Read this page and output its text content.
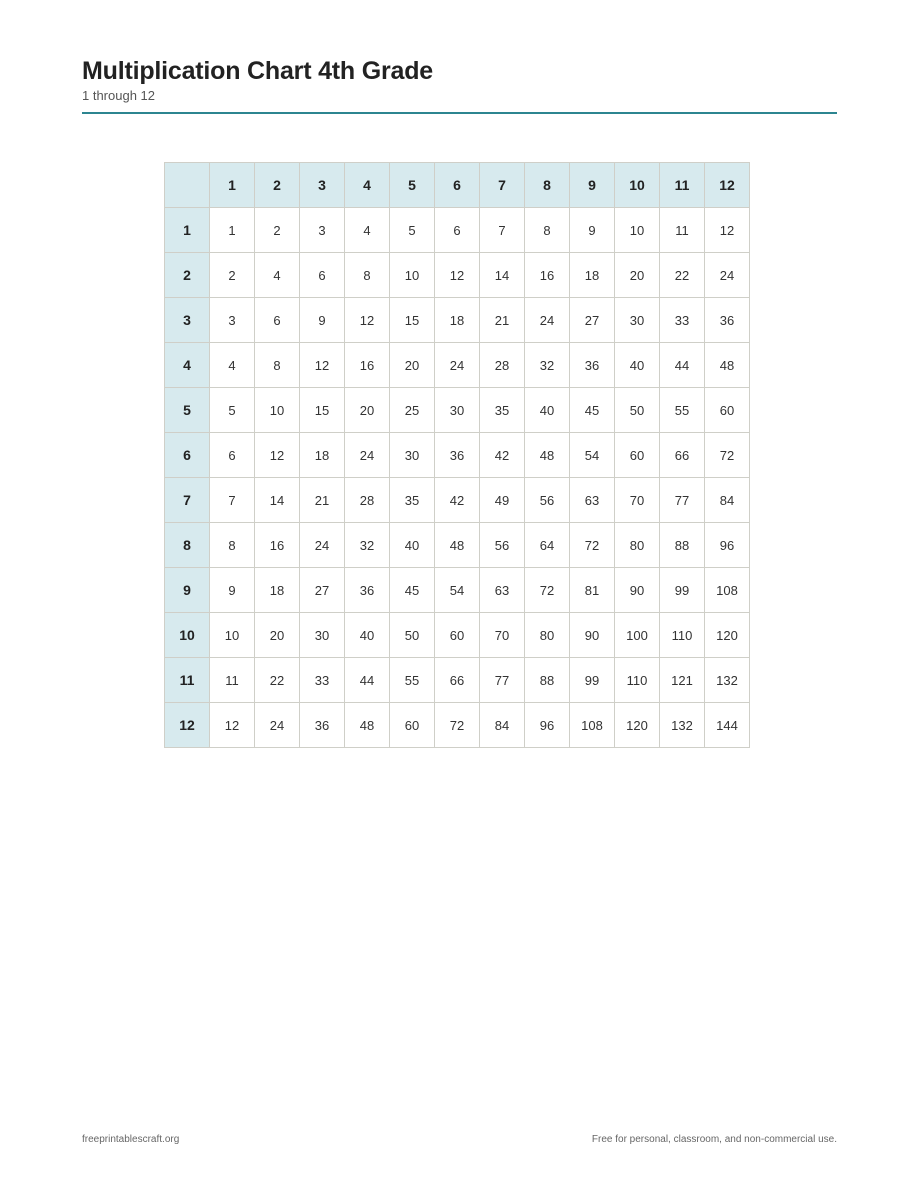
Multiplication Chart 4th Grade
1 through 12
	1	2	3	4	5	6	7	8	9	10	11	12
1	1	2	3	4	5	6	7	8	9	10	11	12
2	2	4	6	8	10	12	14	16	18	20	22	24
3	3	6	9	12	15	18	21	24	27	30	33	36
4	4	8	12	16	20	24	28	32	36	40	44	48
5	5	10	15	20	25	30	35	40	45	50	55	60
6	6	12	18	24	30	36	42	48	54	60	66	72
7	7	14	21	28	35	42	49	56	63	70	77	84
8	8	16	24	32	40	48	56	64	72	80	88	96
9	9	18	27	36	45	54	63	72	81	90	99	108
10	10	20	30	40	50	60	70	80	90	100	110	120
11	11	22	33	44	55	66	77	88	99	110	121	132
12	12	24	36	48	60	72	84	96	108	120	132	144
freeprintablescraft.org	Free for personal, classroom, and non-commercial use.
